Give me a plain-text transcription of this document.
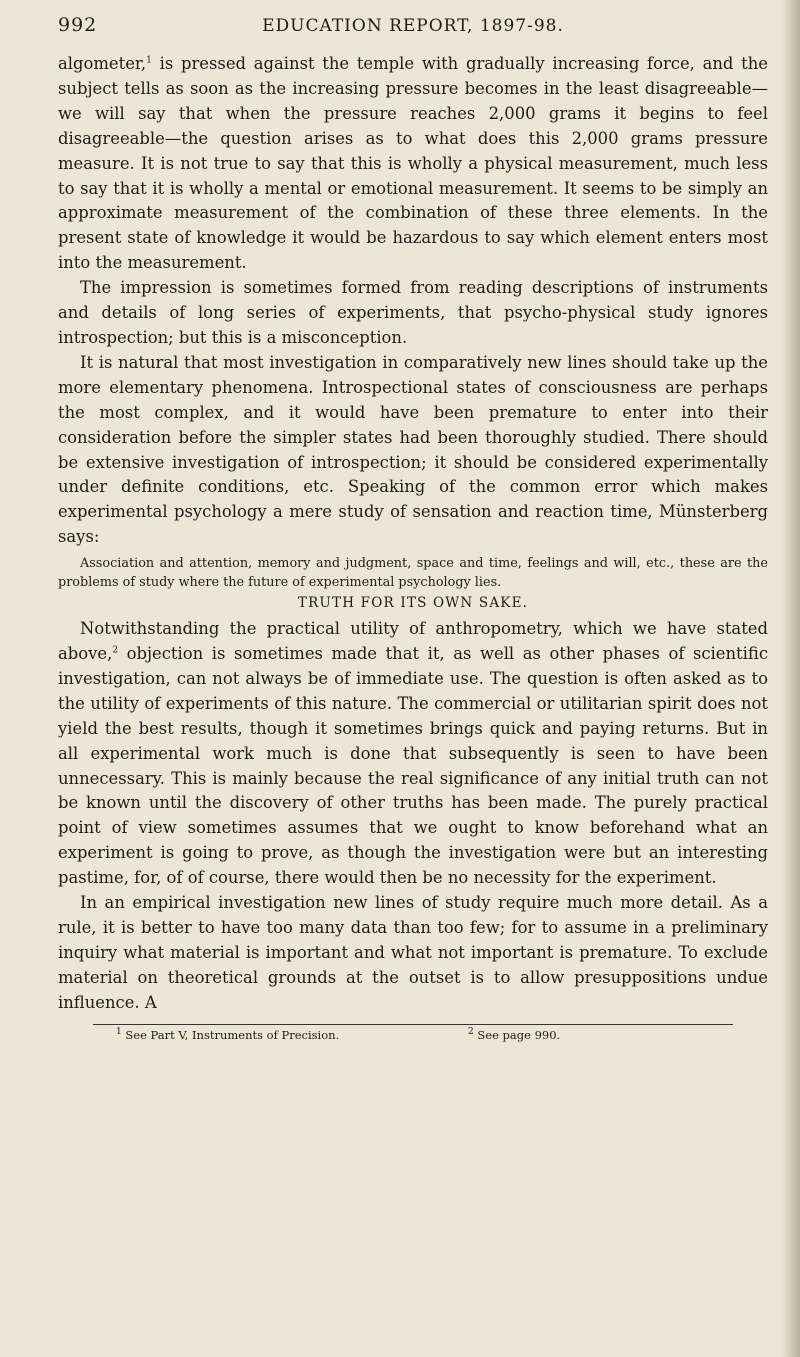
992	EDUCATION REPORT, 1897-98.

algometer,$^1$ is pressed against the temple with gradually increasing force, and the subject tells as soon as the increasing pressure becomes in the least disagreeable—we will say that when the pressure reaches 2,000 grams it begins to feel disagreeable—the question arises as to what does this 2,000 grams pressure measure. It is not true to say that this is wholly a physical measurement, much less to say that it is wholly a mental or emotional measurement. It seems to be simply an approximate measurement of the combination of these three elements. In the present state of knowledge it would be hazardous to say which element enters most into the measurement.

The impression is sometimes formed from reading descriptions of instruments and details of long series of experiments, that psycho-physical study ignores introspection; but this is a misconception.

It is natural that most investigation in comparatively new lines should take up the more elementary phenomena. Introspectional states of consciousness are perhaps the most complex, and it would have been premature to enter into their consideration before the simpler states had been thoroughly studied. There should be extensive investigation of introspection; it should be considered experimentally under definite conditions, etc. Speaking of the common error which makes experimental psychology a mere study of sensation and reaction time, Münsterberg says:

Association and attention, memory and judgment, space and time, feelings and will, etc., these are the problems of study where the future of experimental psychology lies.

TRUTH FOR ITS OWN SAKE.

Notwithstanding the practical utility of anthropometry, which we have stated above,$^2$ objection is sometimes made that it, as well as other phases of scientific investigation, can not always be of immediate use. The question is often asked as to the utility of experiments of this nature. The commercial or utilitarian spirit does not yield the best results, though it sometimes brings quick and paying returns. But in all experimental work much is done that subsequently is seen to have been unnecessary. This is mainly because the real significance of any initial truth can not be known until the discovery of other truths has been made. The purely practical point of view sometimes assumes that we ought to know beforehand what an experiment is going to prove, as though the investigation were but an interesting pastime, for, of of course, there would then be no necessity for the experiment.

In an empirical investigation new lines of study require much more detail. As a rule, it is better to have too many data than too few; for to assume in a preliminary inquiry what material is important and what not important is premature. To exclude material on theoretical grounds at the outset is to allow presuppositions undue influence. A

$^1$ See Part V, Instruments of Precision.	$^2$ See page 990.
